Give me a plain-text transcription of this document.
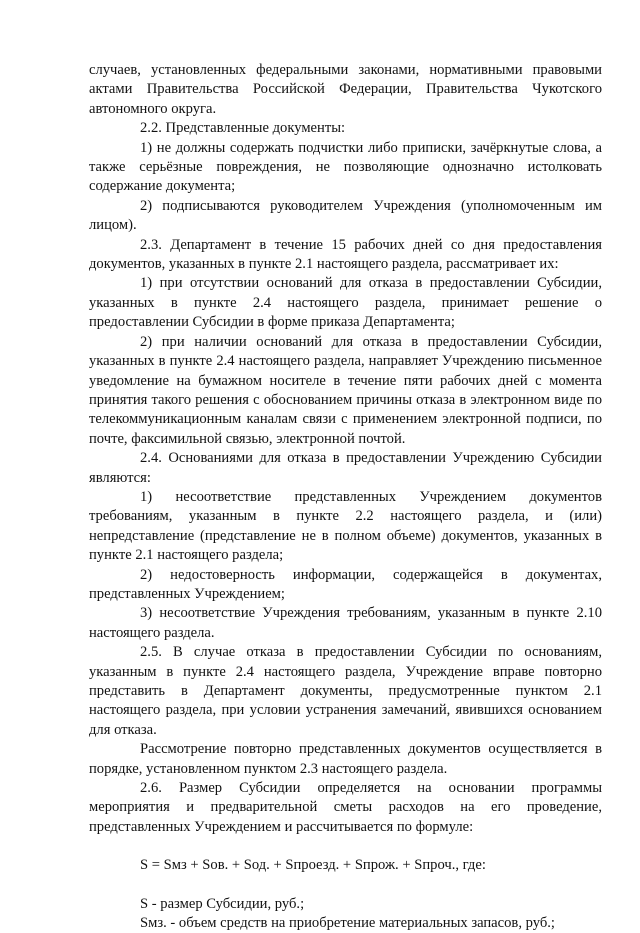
случаев, установленных федеральными законами, нормативными правовыми актами Правительства Российской Федерации, Правительства Чукотского автономного округа.

2.2. Представленные документы:

1) не должны содержать подчистки либо приписки, зачёркнутые слова, а также серьёзные повреждения, не позволяющие однозначно истолковать содержание документа;

2) подписываются руководителем Учреждения (уполномоченным им лицом).

2.3. Департамент в течение 15 рабочих дней со дня предоставления документов, указанных в пункте 2.1 настоящего раздела, рассматривает их:

1) при отсутствии оснований для отказа в предоставлении Субсидии, указанных в пункте 2.4 настоящего раздела, принимает решение о предоставлении Субсидии в форме приказа Департамента;

2) при наличии оснований для отказа в предоставлении Субсидии, указанных в пункте 2.4 настоящего раздела, направляет Учреждению письменное уведомление на бумажном носителе в течение пяти рабочих дней с момента принятия такого решения с обоснованием причины отказа в электронном виде по телекоммуникационным каналам связи с применением электронной подписи, по почте, факсимильной связью, электронной почтой.

2.4. Основаниями для отказа в предоставлении Учреждению Субсидии являются:

1) несоответствие представленных Учреждением документов требованиям, указанным в пункте 2.2 настоящего раздела, и (или) непредставление (представление не в полном объеме) документов, указанных в пункте 2.1 настоящего раздела;

2) недостоверность информации, содержащейся в документах, представленных Учреждением;

3) несоответствие Учреждения требованиям, указанным в пункте 2.10 настоящего раздела.

2.5. В случае отказа в предоставлении Субсидии по основаниям, указанным в пункте 2.4 настоящего раздела, Учреждение вправе повторно представить в Департамент документы, предусмотренные пунктом 2.1 настоящего раздела, при условии устранения замечаний, явившихся основанием для отказа.

Рассмотрение повторно представленных документов осуществляется в порядке, установленном пунктом 2.3 настоящего раздела.

2.6. Размер Субсидии определяется на основании программы мероприятия и предварительной сметы расходов на его проведение, представленных Учреждением и рассчитывается по формуле:

S = Sмз + Sов. + Sод. + Sпроезд. + Sпрож. + Sпроч., где:

S - размер Субсидии, руб.;

Sмз. - объем средств на приобретение материальных запасов, руб.;
